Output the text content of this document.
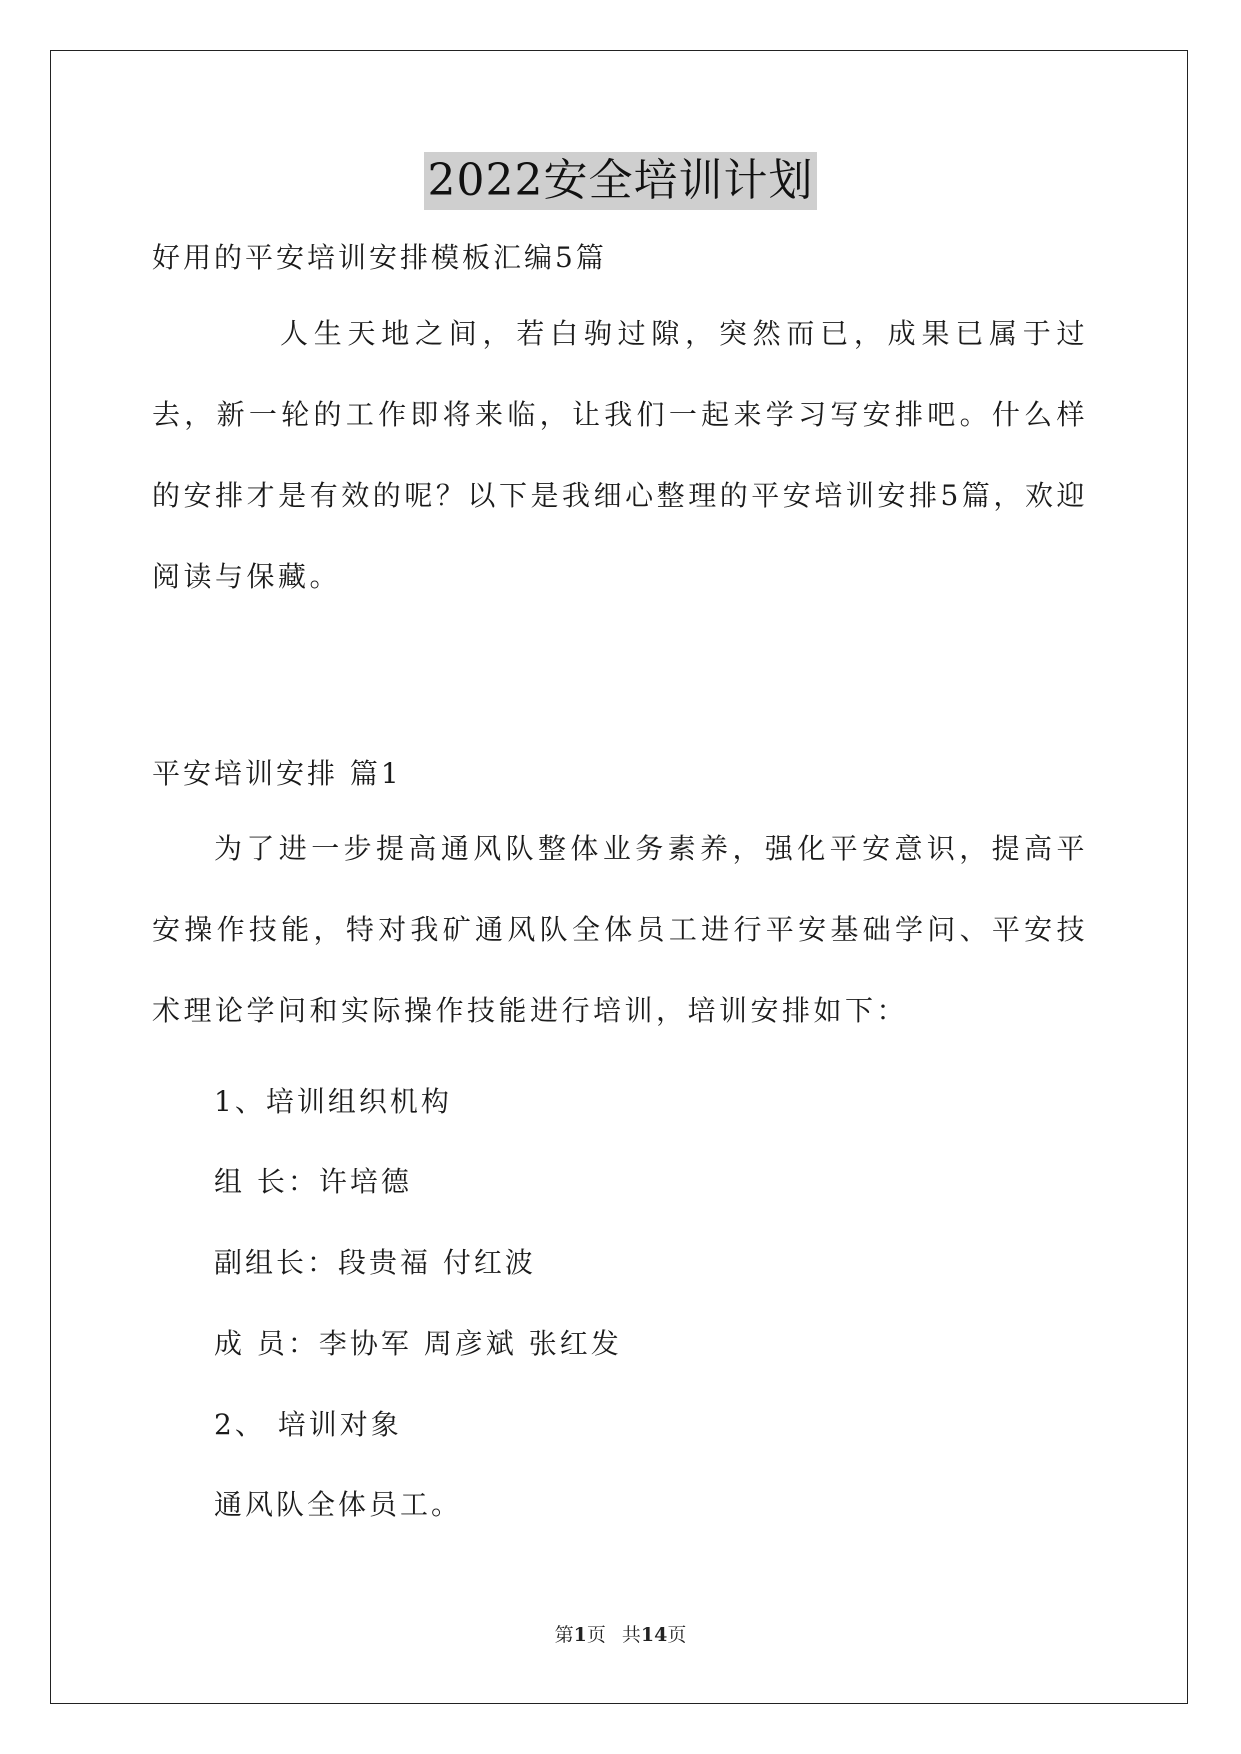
2022安全培训计划
好用的平安培训安排模板汇编5篇
人生天地之间，若白驹过隙，突然而已，成果已属于过去，新一轮的工作即将来临，让我们一起来学习写安排吧。什么样的安排才是有效的呢？以下是我细心整理的平安培训安排5篇，欢迎阅读与保藏。
平安培训安排 篇1
为了进一步提高通风队整体业务素养，强化平安意识，提高平安操作技能，特对我矿通风队全体员工进行平安基础学问、平安技术理论学问和实际操作技能进行培训，培训安排如下：
1、培训组织机构
组 长：许培德
副组长：段贵福 付红波
成 员：李协军 周彦斌 张红发
2、 培训对象
通风队全体员工。
第1页 共14页
